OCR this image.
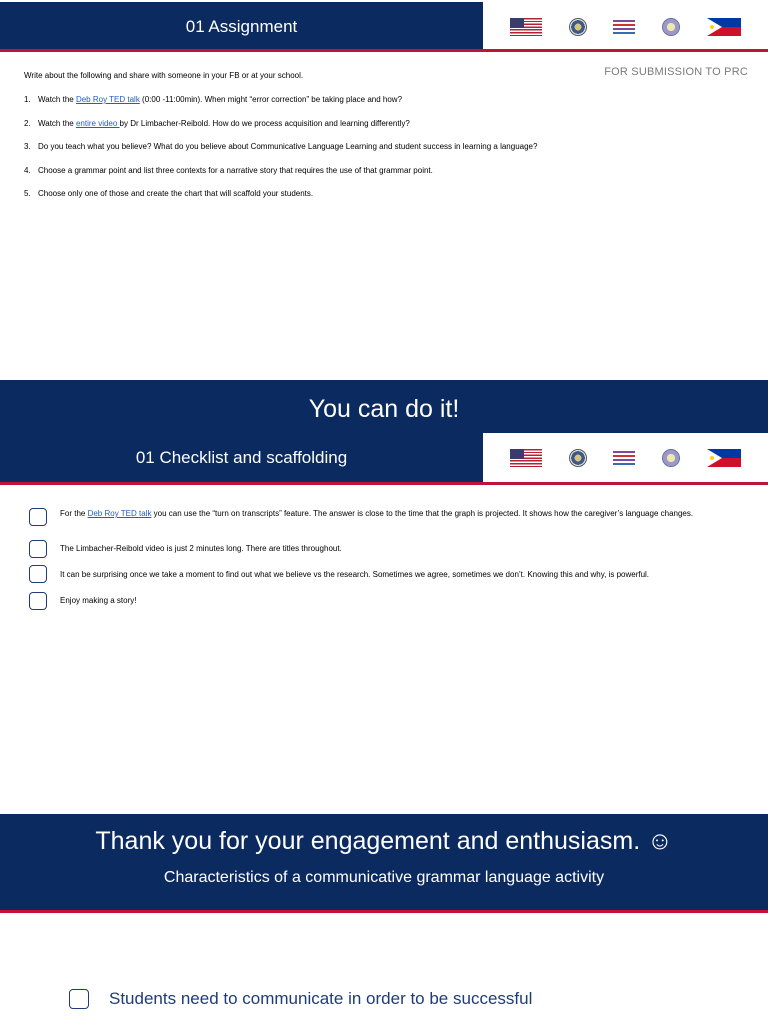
01 Assignment
FOR SUBMISSION TO PRC
Write about the following and share with someone in your FB or at your school.
1. Watch the Deb Roy TED talk (0:00 -11:00min). When might “error correction” be taking place and how?
2. Watch the entire video by Dr Limbacher-Reibold. How do we process acquisition and learning differently?
3. Do you teach what you believe? What do you believe about Communicative Language Learning and student success in learning a language?
4. Choose a grammar point and list three contexts for a narrative story that requires the use of that grammar point.
5. Choose only one of those and create the chart that will scaffold your students.
You can do it!
01 Checklist and scaffolding
For the Deb Roy TED talk you can use the “turn on transcripts” feature. The answer is close to the time that the graph is projected. It shows how the caregiver’s language changes.
The Limbacher-Reibold video is just 2 minutes long. There are titles throughout.
It can be surprising once we take a moment to find out what we believe vs the research. Sometimes we agree, sometimes we don’t. Knowing this and why, is powerful.
Enjoy making a story!
Thank you for your engagement and enthusiasm. ☺
Characteristics of a communicative grammar language activity
Students need to communicate in order to be successful
